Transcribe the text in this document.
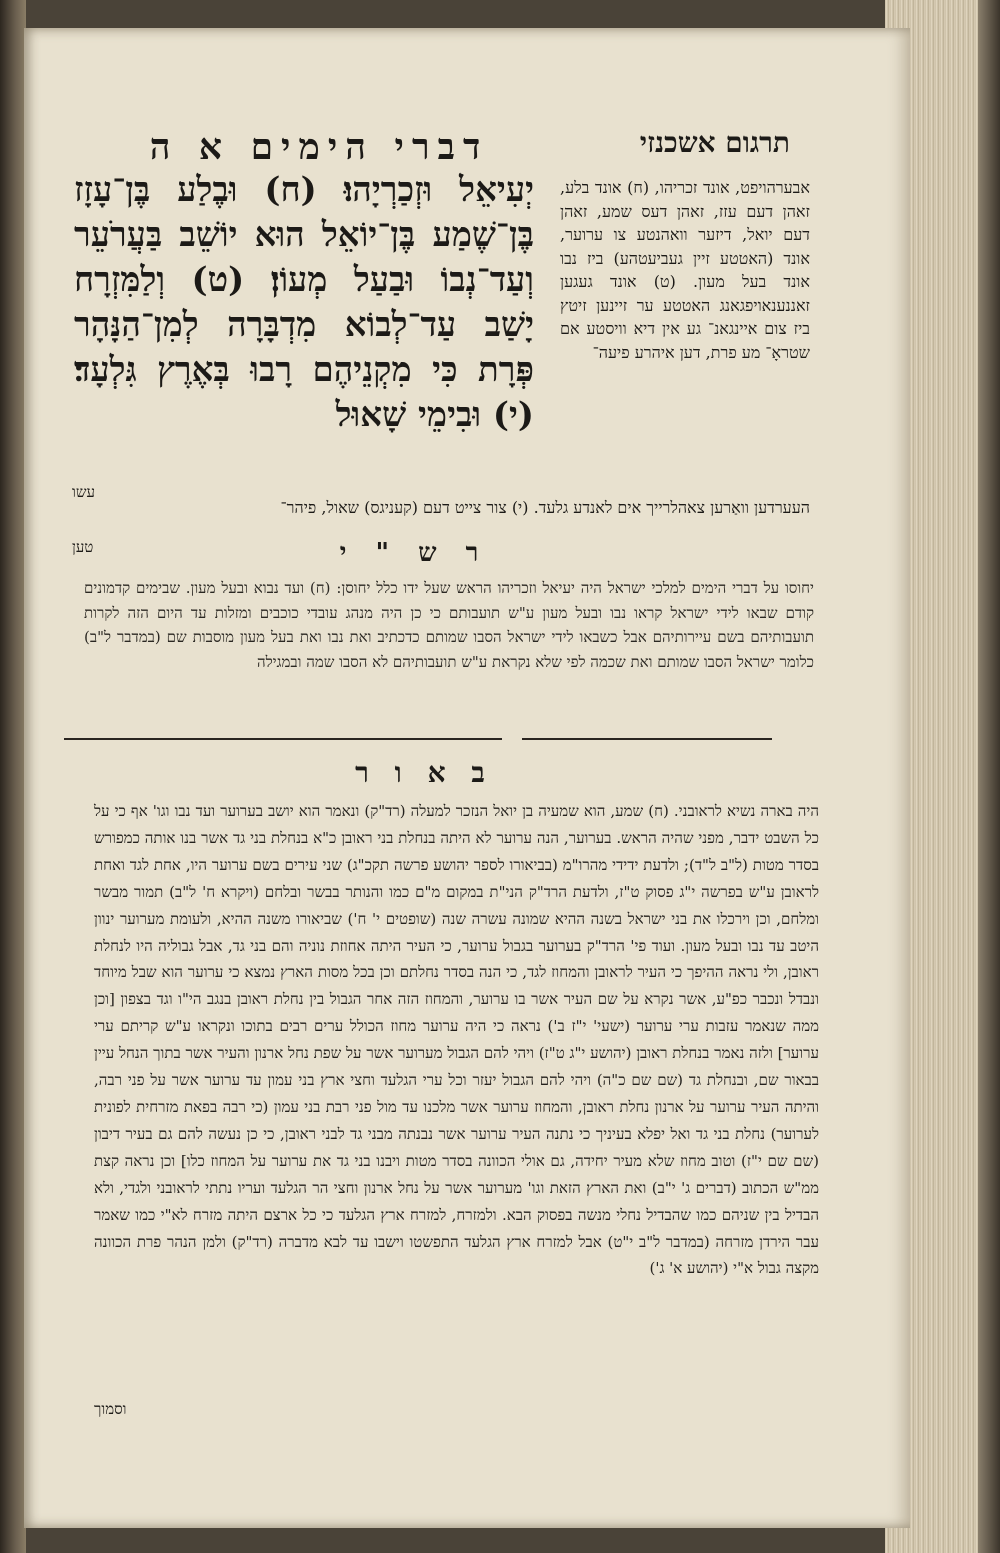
דברי הימים א ה	תרגום אשכנזי
יְעִיאֵל וּזְכַרְיָהוּ׃ (ח) וּבֶלַע בֶּן־עָזָז בֶּן־שֶׁמַע בֶּן־יוֹאֵל הוּא יוֹשֵׁב בַּעֲרֹעֵר וְעַד־נְבוֹ וּבַעַל מְעוֹן׃ (ט) וְלַמִּזְרָח יָשַׁב עַד־לְבוֹא מִדְבָּרָה לְמִן־הַנָּהָר פְּרָת כִּי מִקְנֵיהֶם רָבוּ בְּאֶרֶץ גִּלְעָד׃ (י) וּבִימֵי שָׁאוּל
אבערהויפט, אונד זכריהו, (ח) אונד בלע, זאהן דעם עזז, זאהן דעס שמע, זאהן דעם יואל, דיזער וואהנטע צו ערוער, אונד (האטטע זיין געביעטהע) ביז נבו אונד בעל מעון. (ט) אונד געגען זאננענאויפגאנג האטטע ער זיינען זיטץ ביז צום איינגאנ־ גע אין דיא וויסטע אם שטראָ־ מע פרת, דען איהרע פיעה־
העערדען וואַרען צאהלרייך אים לאנדע גלעד. (י) צור צייט דעם (קעניגס) שאול, פיהר־
עשו
טען	ר ש " י
יחוסו על דברי הימים למלכי ישראל היה יעיאל וזכריהו הראש שעל ידו כלל יחוסן: (ח) ועד נבוא ובעל מעון. שבימים קדמונים קודם שבאו לידי ישראל קראו נבו ובעל מעון ע"ש תועבותם כי כן היה מנהג עובדי כוכבים ומזלות עד היום הזה לקרות תועבותיהם בשם עיירותיהם אבל כשבאו לידי ישראל הסבו שמותם כדכתיב ואת נבו ואת בעל מעון מוסבות שם (במדבר ל"ב) כלומר ישראל הסבו שמותם ואת שכמה לפי שלא נקראת ע"ש תועבותיהם לא הסבו שמה ובמגילה
ב א ו ר
היה בארה נשיא לראובני. (ח) שמע, הוא שמעיה בן יואל הנזכר למעלה (רד"ק) ונאמר הוא יושב בערוער ועד נבו וגו' אף כי על כל השבט ידבר, מפני שהיה הראש. בערוער, הנה ערוער לא היתה בנחלת בני ראובן כ"א בנחלת בני גד אשר בנו אותה כמפורש בסדר מטות (ל"ב ל"ד); ולדעת ידידי מהרו"מ (בביאורו לספר יהושע פרשה תקכ"ג) שני עירים בשם ערוער היו, אחת לגד ואחת לראובן ע"ש בפרשה י"ג פסוק ט"ז, ולדעת הרד"ק הני"ת במקום מ"ם כמו והנותר בבשר ובלחם (ויקרא ח' ל"ב) תמור מבשר ומלחם, וכן וירכלו את בני ישראל בשנה ההיא שמונה עשרה שנה (שופטים י' ח') שביאורו משנה ההיא, ולעומת מערוער ינוון היטב עד נבו ובעל מעון. ועוד פי' הרד"ק בערוער בגבול ערוער, כי העיר היתה אחוזת נוניה והם בני גד, אבל גבוליה היו לנחלת ראובן, ולי נראה ההיפך כי העיר לראובן והמחוז לגד, כי הנה בסדר נחלתם וכן בכל מסות הארץ נמצא כי ערוער הוא שבל מיוחד ונבדל ונכבר כפ"ע, אשר נקרא על שם העיר אשר בו ערוער, והמחוז הזה אחר הגבול בין נחלת ראובן בנגב הי"ו וגד בצפון [וכן ממה שנאמר עזבות ערי ערוער (ישעי' י"ז ב') נראה כי היה ערוער מחוז הכולל ערים רבים בתוכו ונקראו ע"ש קריתם ערי ערוער] ולזה נאמר בנחלת ראובן (יהושע י"ג ט"ז) ויהי להם הגבול מערוער אשר על שפת נחל ארנון והעיר אשר בתוך הנחל עיין בבאור שם, ובנחלת גד (שם שם כ"ה) ויהי להם הגבול יעזר וכל ערי הגלעד וחצי ארץ בני עמון עד ערוער אשר על פני רבה, והיתה העיר ערוער על ארנון נחלת ראובן, והמחוז ערוער אשר מלכנו עד מול פני רבת בני עמון (כי רבה בפאת מזרחית לפונית לערוער) נחלת בני גד ואל יפלא בעיניך כי נתנה העיר ערוער אשר נבנתה מבני גד לבני ראובן, כי כן נעשה להם גם בעיר דיבון (שם שם י"ז) וטוב מחוז שלא מעיר יחידה, גם אולי הכוונה בסדר מטות ויבנו בני גד את ערוער על המחוז כלו] וכן נראה קצת ממ"ש הכתוב (דברים ג' י"ב) ואת הארץ הזאת וגו' מערוער אשר על נחל ארנון וחצי הר הגלעד ועריו נתתי לראובני ולגדי, ולא הבדיל בין שניהם כמו שהבדיל נחלי מנשה בפסוק הבא. ולמזרח, למזרח ארץ הגלעד כי כל ארצם היתה מזרח לא"י כמו שאמר עבר הירדן מזרחה (במדבר ל"ב י"ט) אבל למזרח ארץ הגלעד התפשטו וישבו עד לבא מדברה (רד"ק) ולמן הנהר פרת הכוונה מקצה גבול א"י (יהושע א' ג')
וסמוך
